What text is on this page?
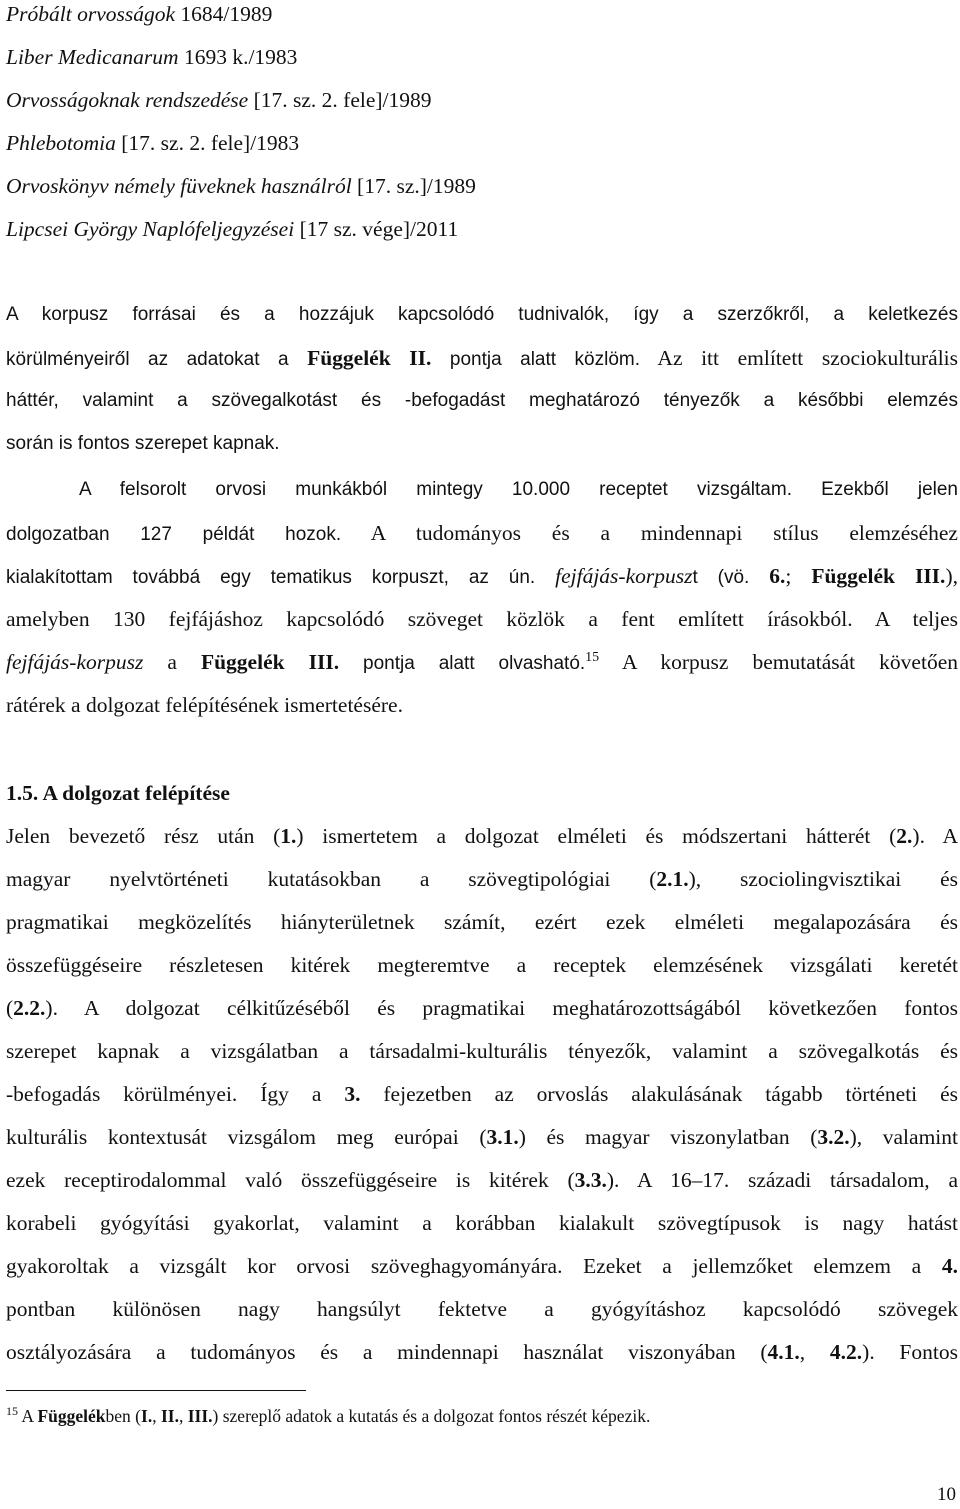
Próbált orvosságok 1684/1989
Liber Medicanarum 1693 k./1983
Orvosságoknak rendszedése [17. sz. 2. fele]/1989
Phlebotomia [17. sz. 2. fele]/1983
Orvoskönyv némely füveknek használról [17. sz.]/1989
Lipcsei György Naplófeljegyzései [17 sz. vége]/2011
A korpusz forrásai és a hozzájuk kapcsolódó tudnivalók, így a szerzőkről, a keletkezés
körülményeiről az adatokat a Függelék II. pontja alatt közlöm. Az itt említett szociokulturális
háttér, valamint a szövegalkotást és -befogadást meghatározó tényezők a későbbi elemzés
során is fontos szerepet kapnak.
A felsorolt orvosi munkákból mintegy 10.000 receptet vizsgáltam. Ezekből jelen
dolgozatban 127 példát hozok. A tudományos és a mindennapi stílus elemzéséhez
kialakítottam továbbá egy tematikus korpuszt, az ún. fejfájás-korpuszt (vö. 6.; Függelék III.),
amelyben 130 fejfájáshoz kapcsolódó szöveget közlök a fent említett írásokból. A teljes
fejfájás-korpusz a Függelék III. pontja alatt olvasható.$^{15}$ A korpusz bemutatását követően
rátérek a dolgozat felépítésének ismertetésére.
1.5. A dolgozat felépítése
Jelen bevezető rész után (1.) ismertetem a dolgozat elméleti és módszertani hátterét (2.). A
magyar nyelvtörténeti kutatásokban a szövegtipológiai (2.1.), szociolingvisztikai és
pragmatikai megközelítés hiányterületnek számít, ezért ezek elméleti megalapozására és
összefüggéseire részletesen kitérek megteremtve a receptek elemzésének vizsgálati keretét
(2.2.). A dolgozat célkitűzéséből és pragmatikai meghatározottságából következően fontos
szerepet kapnak a vizsgálatban a társadalmi-kulturális tényezők, valamint a szövegalkotás és
-befogadás körülményei. Így a 3. fejezetben az orvoslás alakulásának tágabb történeti és
kulturális kontextusát vizsgálom meg európai (3.1.) és magyar viszonylatban (3.2.), valamint
ezek receptirodalommal való összefüggéseire is kitérek (3.3.). A 16–17. századi társadalom, a
korabeli gyógyítási gyakorlat, valamint a korábban kialakult szövegtípusok is nagy hatást
gyakoroltak a vizsgált kor orvosi szöveghagyományára. Ezeket a jellemzőket elemzem a 4.
pontban különösen nagy hangsúlyt fektetve a gyógyításhoz kapcsolódó szövegek
osztályozására a tudományos és a mindennapi használat viszonyában (4.1., 4.2.). Fontos
$^{15}$ A Függelékben (I., II., III.) szereplő adatok a kutatás és a dolgozat fontos részét képezik.
10
